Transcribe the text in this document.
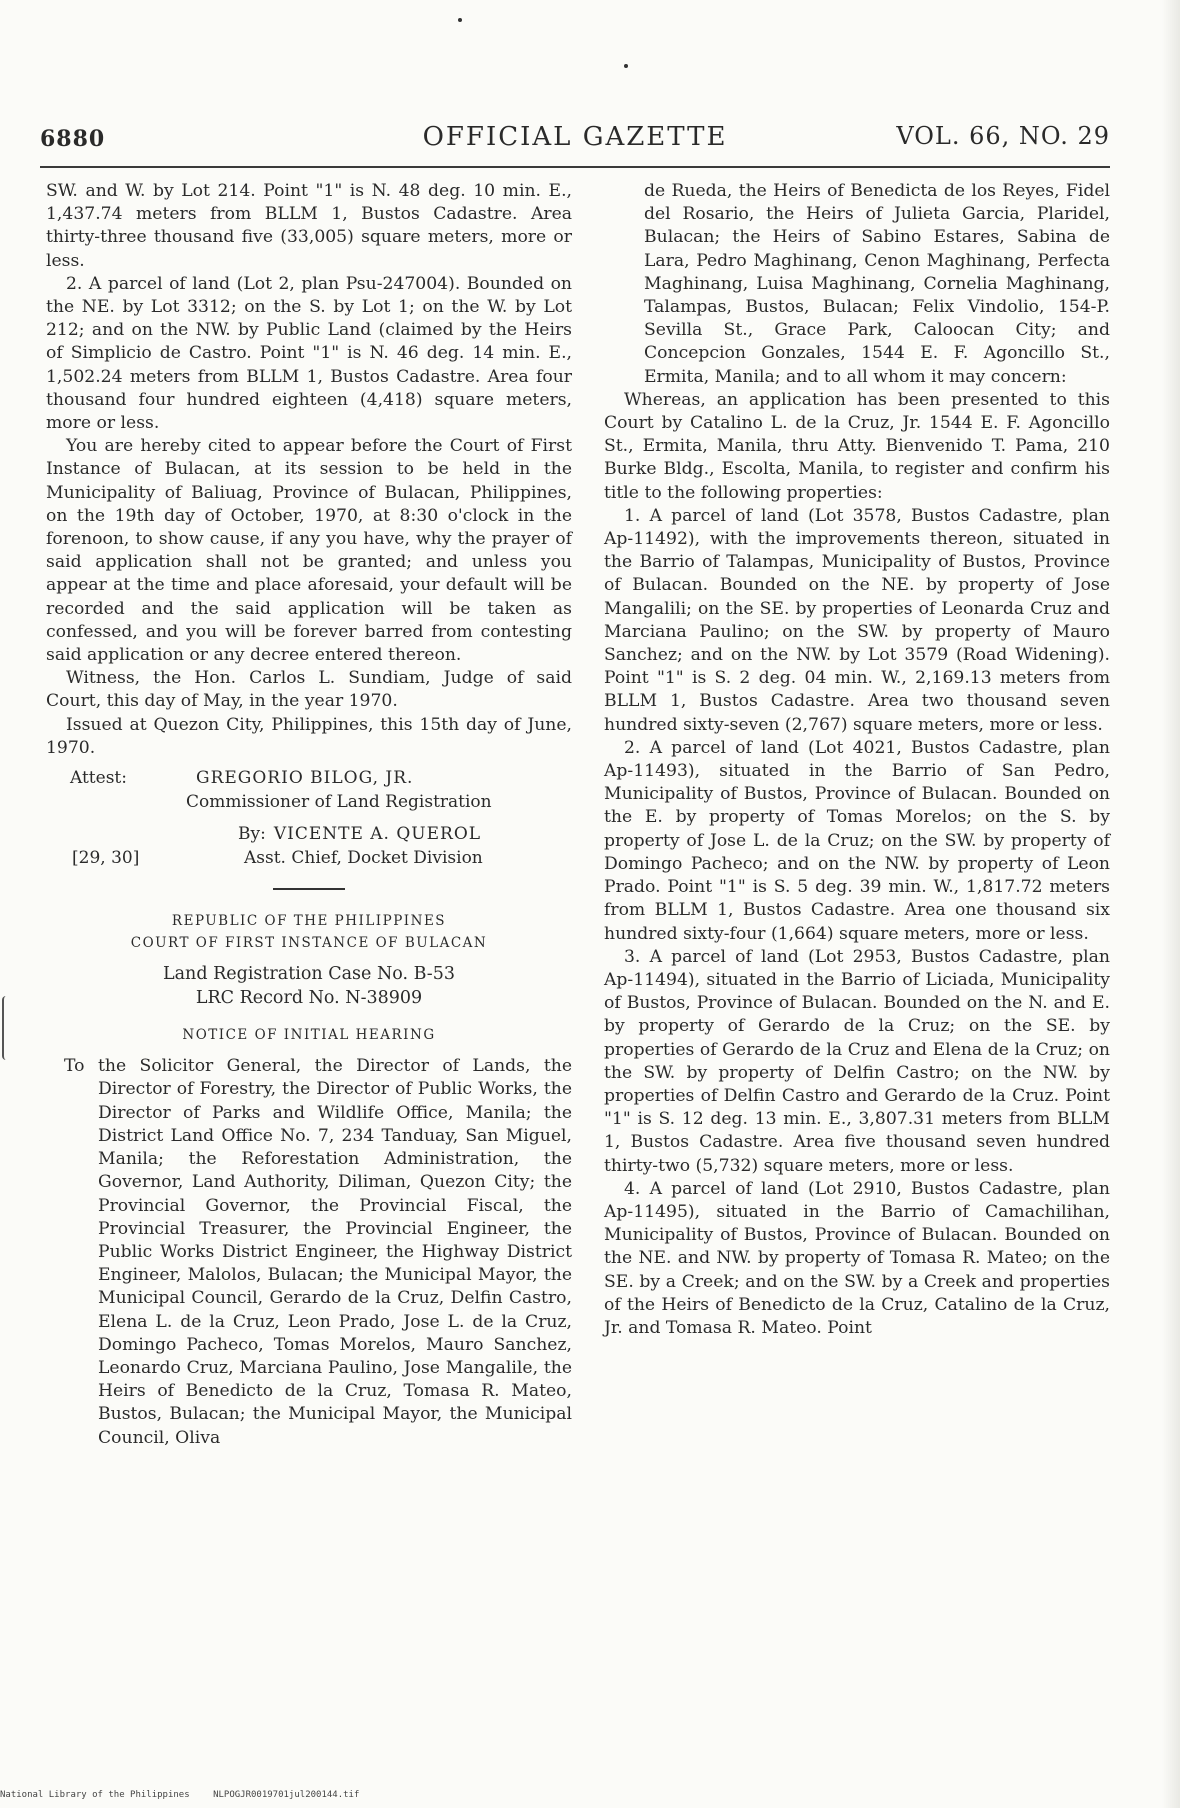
6880	OFFICIAL GAZETTE	VOL. 66, NO. 29

SW. and W. by Lot 214. Point "1" is N. 48 deg. 10 min. E., 1,437.74 meters from BLLM 1, Bustos Cadastre. Area thirty-three thousand five (33,005) square meters, more or less.

2. A parcel of land (Lot 2, plan Psu-247004). Bounded on the NE. by Lot 3312; on the S. by Lot 1; on the W. by Lot 212; and on the NW. by Public Land (claimed by the Heirs of Simplicio de Castro. Point "1" is N. 46 deg. 14 min. E., 1,502.24 meters from BLLM 1, Bustos Cadastre. Area four thousand four hundred eighteen (4,418) square meters, more or less.

You are hereby cited to appear before the Court of First Instance of Bulacan, at its session to be held in the Municipality of Baliuag, Province of Bulacan, Philippines, on the 19th day of October, 1970, at 8:30 o'clock in the forenoon, to show cause, if any you have, why the prayer of said application shall not be granted; and unless you appear at the time and place aforesaid, your default will be recorded and the said application will be taken as confessed, and you will be forever barred from contesting said application or any decree entered thereon.

Witness, the Hon. Carlos L. Sundiam, Judge of said Court, this day of May, in the year 1970.

Issued at Quezon City, Philippines, this 15th day of June, 1970.

Attest:	GREGORIO BILOG, JR.
Commissioner of Land Registration
By: VICENTE A. QUEROL
[29, 30]	Asst. Chief, Docket Division
REPUBLIC OF THE PHILIPPINES
COURT OF FIRST INSTANCE OF BULACAN
Land Registration Case No. B-53
LRC Record No. N-38909
NOTICE OF INITIAL HEARING
To the Solicitor General, the Director of Lands, the Director of Forestry, the Director of Public Works, the Director of Parks and Wildlife Office, Manila; the District Land Office No. 7, 234 Tanduay, San Miguel, Manila; the Reforestation Administration, the Governor, Land Authority, Diliman, Quezon City; the Provincial Governor, the Provincial Fiscal, the Provincial Treasurer, the Provincial Engineer, the Public Works District Engineer, the Highway District Engineer, Malolos, Bulacan; the Municipal Mayor, the Municipal Council, Gerardo de la Cruz, Delfin Castro, Elena L. de la Cruz, Leon Prado, Jose L. de la Cruz, Domingo Pacheco, Tomas Morelos, Mauro Sanchez, Leonardo Cruz, Marciana Paulino, Jose Mangalile, the Heirs of Benedicto de la Cruz, Tomasa R. Mateo, Bustos, Bulacan; the Municipal Mayor, the Municipal Council, Oliva

de Rueda, the Heirs of Benedicta de los Reyes, Fidel del Rosario, the Heirs of Julieta Garcia, Plaridel, Bulacan; the Heirs of Sabino Estares, Sabina de Lara, Pedro Maghinang, Cenon Maghinang, Perfecta Maghinang, Luisa Maghinang, Cornelia Maghinang, Talampas, Bustos, Bulacan; Felix Vindolio, 154-P. Sevilla St., Grace Park, Caloocan City; and Concepcion Gonzales, 1544 E. F. Agoncillo St., Ermita, Manila; and to all whom it may concern:

Whereas, an application has been presented to this Court by Catalino L. de la Cruz, Jr. 1544 E. F. Agoncillo St., Ermita, Manila, thru Atty. Bienvenido T. Pama, 210 Burke Bldg., Escolta, Manila, to register and confirm his title to the following properties:

1. A parcel of land (Lot 3578, Bustos Cadastre, plan Ap-11492), with the improvements thereon, situated in the Barrio of Talampas, Municipality of Bustos, Province of Bulacan. Bounded on the NE. by property of Jose Mangalili; on the SE. by properties of Leonarda Cruz and Marciana Paulino; on the SW. by property of Mauro Sanchez; and on the NW. by Lot 3579 (Road Widening). Point "1" is S. 2 deg. 04 min. W., 2,169.13 meters from BLLM 1, Bustos Cadastre. Area two thousand seven hundred sixty-seven (2,767) square meters, more or less.

2. A parcel of land (Lot 4021, Bustos Cadastre, plan Ap-11493), situated in the Barrio of San Pedro, Municipality of Bustos, Province of Bulacan. Bounded on the E. by property of Tomas Morelos; on the S. by property of Jose L. de la Cruz; on the SW. by property of Domingo Pacheco; and on the NW. by property of Leon Prado. Point "1" is S. 5 deg. 39 min. W., 1,817.72 meters from BLLM 1, Bustos Cadastre. Area one thousand six hundred sixty-four (1,664) square meters, more or less.

3. A parcel of land (Lot 2953, Bustos Cadastre, plan Ap-11494), situated in the Barrio of Liciada, Municipality of Bustos, Province of Bulacan. Bounded on the N. and E. by property of Gerardo de la Cruz; on the SE. by properties of Gerardo de la Cruz and Elena de la Cruz; on the SW. by property of Delfin Castro; on the NW. by properties of Delfin Castro and Gerardo de la Cruz. Point "1" is S. 12 deg. 13 min. E., 3,807.31 meters from BLLM 1, Bustos Cadastre. Area five thousand seven hundred thirty-two (5,732) square meters, more or less.

4. A parcel of land (Lot 2910, Bustos Cadastre, plan Ap-11495), situated in the Barrio of Camachilihan, Municipality of Bustos, Province of Bulacan. Bounded on the NE. and NW. by property of Tomasa R. Mateo; on the SE. by a Creek; and on the SW. by a Creek and properties of the Heirs of Benedicto de la Cruz, Catalino de la Cruz, Jr. and Tomasa R. Mateo. Point

National Library of the Philippines	NLPOGJR0019701jul200144.tif
